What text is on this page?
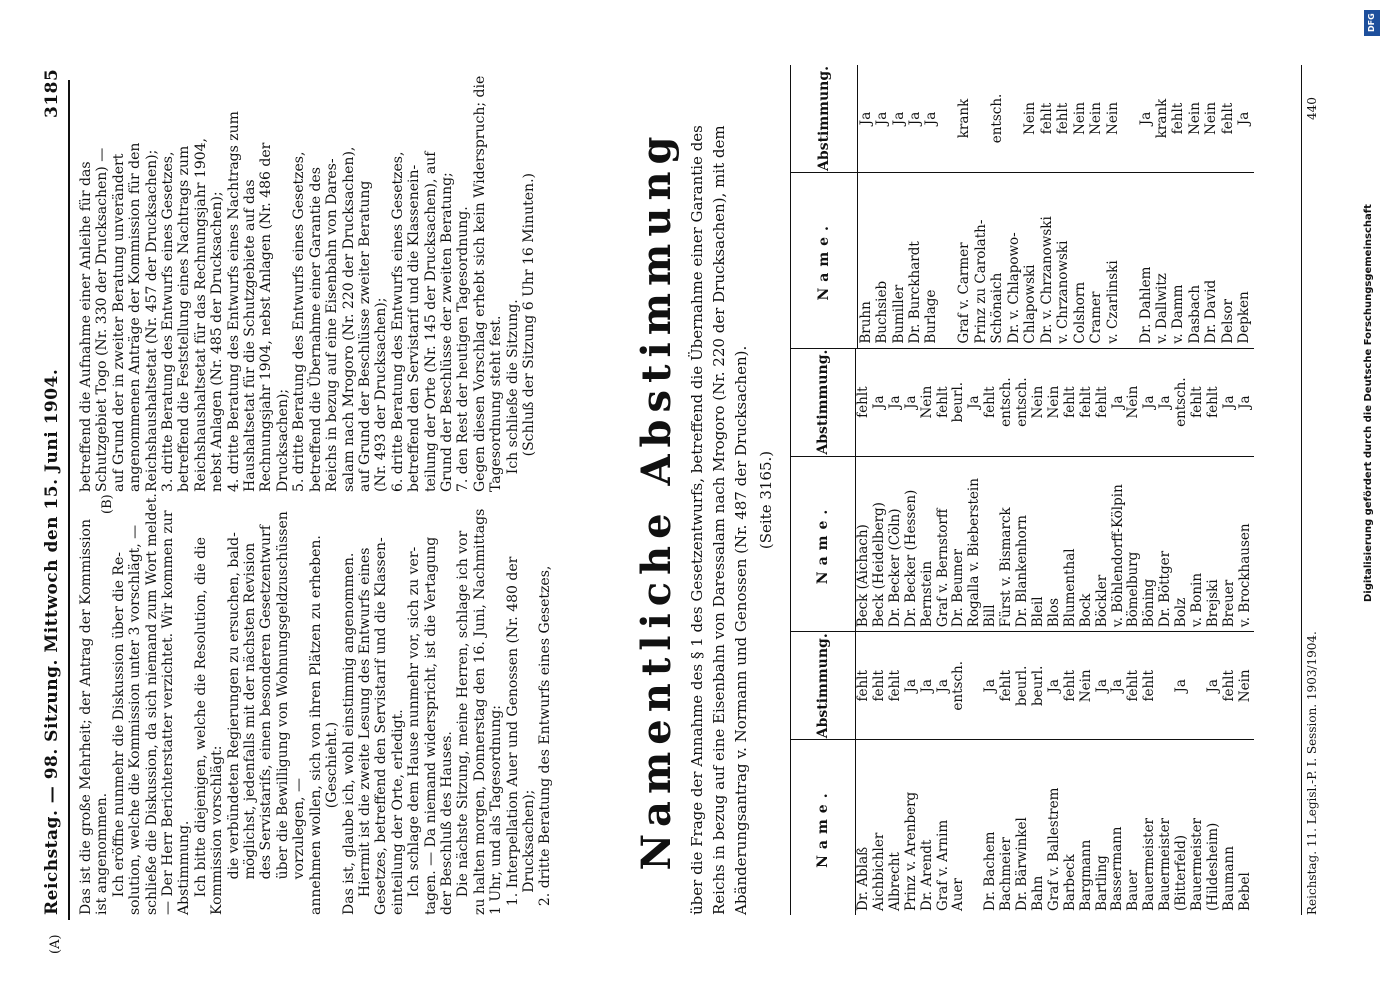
(A)
Reichstag. — 98. Sitzung. Mittwoch den 15. Juni 1904.
3185
(B)
Das ist die große Mehrheit; der Antrag der Kommission ist angenommen. Ich eröffne nunmehr die Diskussion über die Re- solution, welche die Kommission unter 3 vorschlägt, — schließe die Diskussion, da sich niemand zum Wort meldet. — Der Herr Berichterstatter verzichtet. Wir kommen zur Abstimmung. Ich bitte diejenigen, welche die Resolution, die die Kommission vorschlägt: die verbündeten Regierungen zu ersuchen, bald- möglichst, jedenfalls mit der nächsten Revision des Servistarifs, einen besonderen Gesetzentwurf über die Bewilligung von Wohnungsgeldzuschüssen vorzulegen, — annehmen wollen, sich von ihren Plätzen zu erheben. (Geschieht.) Das ist, glaube ich, wohl einstimmig angenommen. Hiermit ist die zweite Lesung des Entwurfs eines Gesetzes, betreffend den Servistarif und die Klassen- einteilung der Orte, erledigt. Ich schlage dem Hause nunmehr vor, sich zu ver- tagen. — Da niemand widerspricht, ist die Vertagung der Beschluß des Hauses. Die nächste Sitzung, meine Herren, schlage ich vor zu halten morgen, Donnerstag den 16. Juni, Nachmittags 1 Uhr, und als Tagesordnung: 1. Interpellation Auer und Genossen (Nr. 480 der Drucksachen); 2. dritte Beratung des Entwurfs eines Gesetzes,
betreffend die Aufnahme einer Anleihe für das Schutzgebiet Togo (Nr. 330 der Drucksachen) — auf Grund der in zweiter Beratung unverändert angenommenen Anträge der Kommission für den Reichshaushaltsetat (Nr. 457 der Drucksachen); 3. dritte Beratung des Entwurfs eines Gesetzes, betreffend die Feststellung eines Nachtrags zum Reichshaushaltsetat für das Rechnungsjahr 1904, nebst Anlagen (Nr. 485 der Drucksachen); 4. dritte Beratung des Entwurfs eines Nachtrags zum Haushaltsetat für die Schutzgebiete auf das Rechnungsjahr 1904, nebst Anlagen (Nr. 486 der Drucksachen); 5. dritte Beratung des Entwurfs eines Gesetzes, betreffend die Übernahme einer Garantie des Reichs in bezug auf eine Eisenbahn von Dares- salam nach Mrogoro (Nr. 220 der Drucksachen), auf Grund der Beschlüsse zweiter Beratung (Nr. 493 der Drucksachen); 6. dritte Beratung des Entwurfs eines Gesetzes, betreffend den Servistarif und die Klassenein- teilung der Orte (Nr. 145 der Drucksachen), auf Grund der Beschlüsse der zweiten Beratung; 7. den Rest der heutigen Tagesordnung. Gegen diesen Vorschlag erhebt sich kein Widerspruch; die Tagesordnung steht fest. Ich schließe die Sitzung. (Schluß der Sitzung 6 Uhr 16 Minuten.) Namentliche Abstimmung über die Frage der Annahme des § 1 des Gesetzentwurfs, betreffend die Übernahme einer Garantie des Reichs in bezug auf eine Eisenbahn von Daressalam nach Mrogoro (Nr. 220 der Drucksachen), mit dem Abänderungsantrag v. Normann und Genossen (Nr. 487 der Drucksachen). (Seite 3165.)
Name.	Abstimmung.
Dr. Ablaß	fehlt
Aichbichler	fehlt
Albrecht	fehlt
Prinz v. Arenberg	Ja
Dr. Arendt	Ja
Graf v. Arnim	Ja
Auer	entsch.

Dr. Bachem	Ja
Bachmeier	fehlt
Dr. Bärwinkel	beurl.
Bahn	beurl.
Graf v. Ballestrem	Ja
Barbeck	fehlt
Bargmann	Nein
Bartling	Ja
Bassermann	Ja
Bauer	fehlt
Bauermeister	fehlt
Bauermeister	
(Bitterfeld)	Ja
Bauermeister	
(Hildesheim)	Ja
Baumann	fehlt
Bebel	Nein
Name.	Abstimmung.
Beck (Aichach)	fehlt
Beck (Heidelberg)	Ja
Dr. Becker (Cöln)	Ja
Dr. Becker (Hessen)	Ja
Bernstein	Nein
Graf v. Bernstorff	fehlt
Dr. Beumer	beurl.
Rogalla v. Bieberstein	Ja
Bill	fehlt
Fürst v. Bismarck	entsch.
Dr. Blankenhorn	entsch.
Bleil	Nein
Blos	Nein
Blumenthal	fehlt
Bock	fehlt
Böckler	fehlt
v. Böhlendorff-Kölpin	Ja
Bömelburg	Nein
Böning	Ja
Dr. Böttger	Ja
Bolz	entsch.
v. Bonin	fehlt
Brejski	fehlt
Breuer	Ja
v. Brockhausen	Ja
Name.	Abstimmung.
Bruhn	Ja
Buchsieb	Ja
Bumiller	Ja
Dr. Burckhardt	Ja
Burlage	Ja

Graf v. Carmer	krank
Prinz zu Carolath-	
Schönaich	entsch.
Dr. v. Chlapowo-	
Chlapowski	Nein
Dr. v. Chrzanowski	fehlt
v. Chrzanowski	fehlt
Colshorn	Nein
Cramer	Nein
v. Czarlinski	Nein

Dr. Dahlem	Ja
v. Dallwitz	krank
v. Damm	fehlt
Dasbach	Nein
Dr. David	Nein
Delsor	fehlt
Depken	Ja
Reichstag. 11. Legisl.-P. I. Session. 1903/1904.
440
DFG
Digitalisierung gefördert durch die Deutsche Forschungsgemeinschaft
